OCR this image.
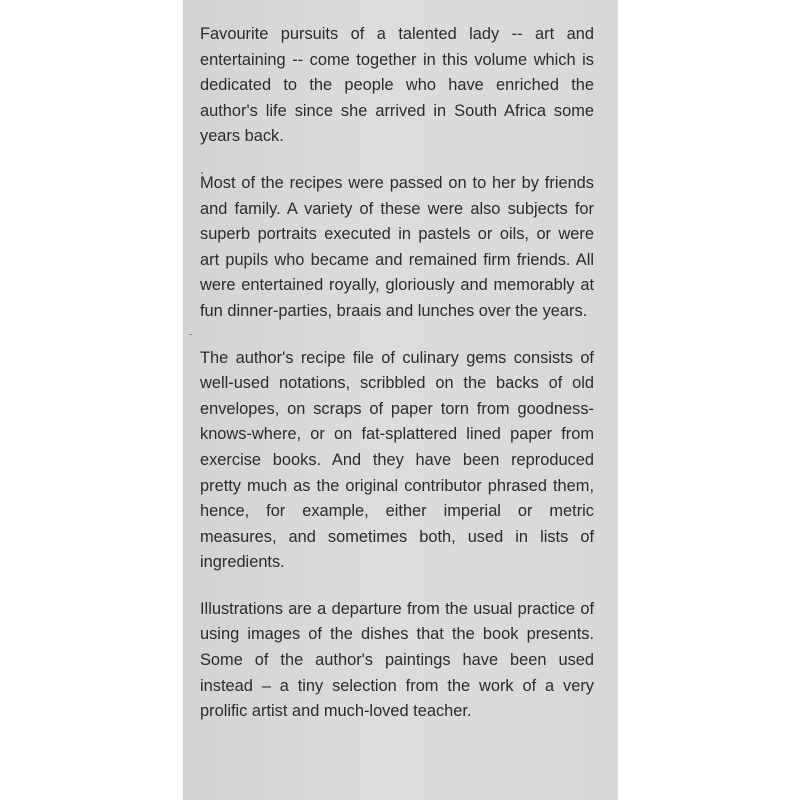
Favourite pursuits of a talented lady -- art and entertaining -- come together in this volume which is dedicated to the people who have enriched the author's life since she arrived in South Africa some years back.

Most of the recipes were passed on to her by friends and family. A variety of these were also subjects for superb portraits executed in pastels or oils, or were art pupils who became and remained firm friends. All were entertained royally, gloriously and memorably at fun dinner-parties, braais and lunches over the years.

The author's recipe file of culinary gems consists of well-used notations, scribbled on the backs of old envelopes, on scraps of paper torn from goodness-knows-where, or on fat-splattered lined paper from exercise books. And they have been reproduced pretty much as the original contributor phrased them, hence, for example, either imperial or metric measures, and sometimes both, used in lists of ingredients.

Illustrations are a departure from the usual practice of using images of the dishes that the book presents. Some of the author's paintings have been used instead – a tiny selection from the work of a very prolific artist and much-loved teacher.
